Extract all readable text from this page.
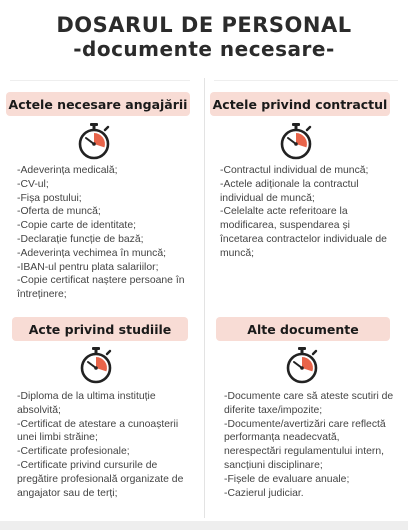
DOSARUL DE PERSONAL
-documente necesare-
Actele necesare angajării
-Adeverința medicală;
-CV-ul;
-Fișa postului;
-Oferta de muncă;
-Copie carte de identitate;
-Declarație funcție de bază;
-Adeverința vechimea în muncă;
-IBAN-ul pentru plata salariilor;
-Copie certificat naștere persoane în
întreținere;
Actele privind contractul
-Contractul individual de muncă;
-Actele adiționale la contractul
individual de muncă;
-Celelalte acte referitoare la
modificarea, suspendarea și
încetarea contractelor individuale de
muncă;
Acte privind studiile
-Diploma de la ultima instituție
absolvită;
-Certificat de atestare a cunoașterii
unei limbi străine;
-Certificate profesionale;
-Certificate privind cursurile de
pregătire profesională organizate de
angajator sau de terți;
Alte documente
-Documente care să ateste scutiri de
diferite taxe/impozite;
-Documente/avertizări care reflectă
performanța neadecvată,
nerespectări regulamentului intern,
sancțiuni disciplinare;
-Fișele de evaluare anuale;
-Cazierul judiciar.
